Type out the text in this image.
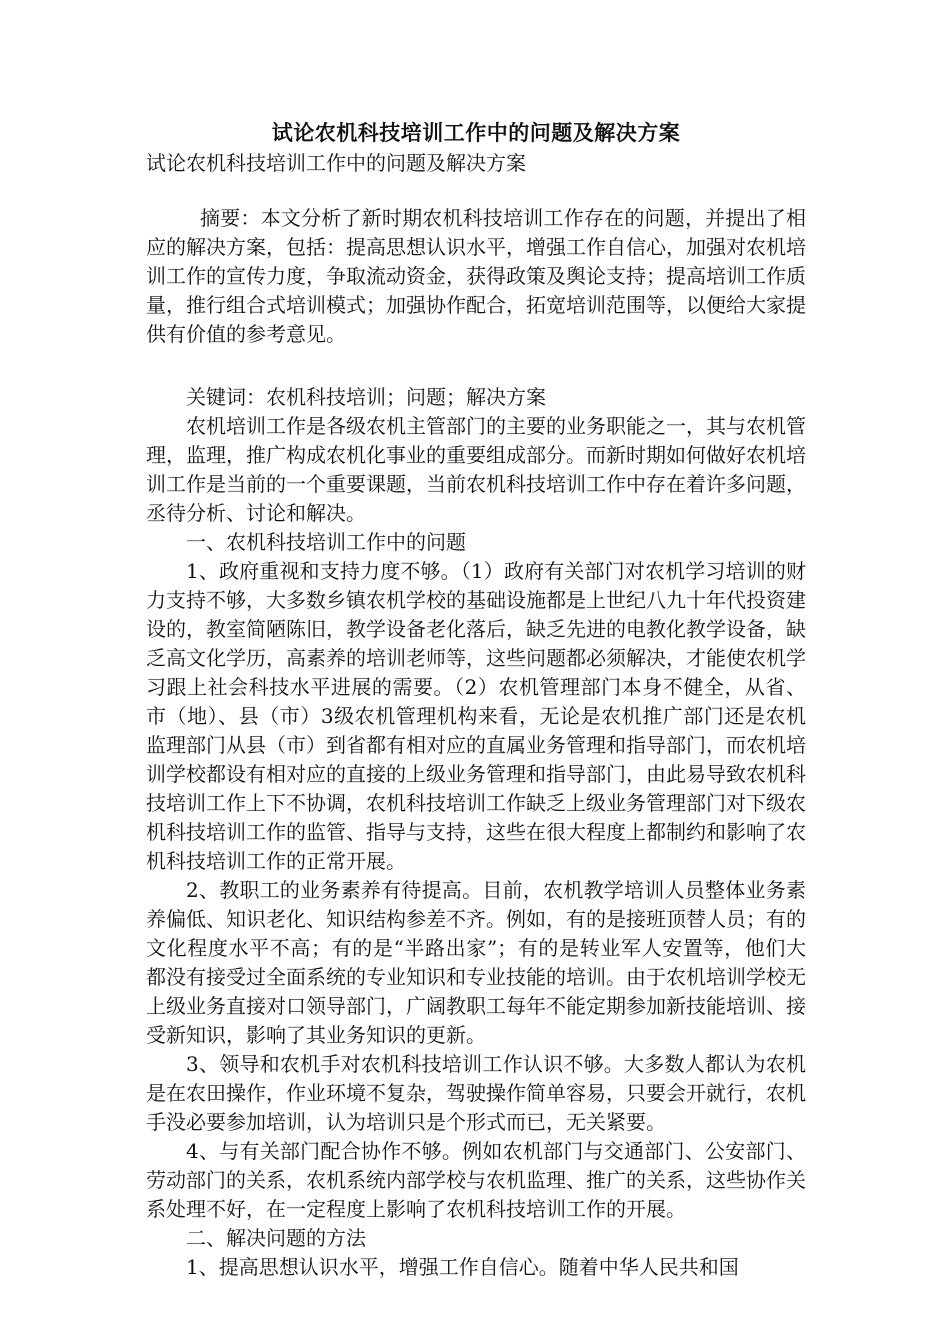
试论农机科技培训工作中的问题及解决方案

试论农机科技培训工作中的问题及解决方案

摘要：本文分析了新时期农机科技培训工作存在的问题，并提出了相应的解决方案，包括：提高思想认识水平，增强工作自信心，加强对农机培训工作的宣传力度，争取流动资金，获得政策及舆论支持；提高培训工作质量，推行组合式培训模式；加强协作配合，拓宽培训范围等，以便给大家提供有价值的参考意见。

关键词：农机科技培训；问题；解决方案

农机培训工作是各级农机主管部门的主要的业务职能之一，其与农机管理，监理，推广构成农机化事业的重要组成部分。而新时期如何做好农机培训工作是当前的一个重要课题，当前农机科技培训工作中存在着许多问题，丞待分析、讨论和解决。

一、农机科技培训工作中的问题

1、政府重视和支持力度不够。（1）政府有关部门对农机学习培训的财力支持不够，大多数乡镇农机学校的基础设施都是上世纪八九十年代投资建设的，教室简陋陈旧，教学设备老化落后，缺乏先进的电教化教学设备，缺乏高文化学历，高素养的培训老师等，这些问题都必须解决，才能使农机学习跟上社会科技水平进展的需要。（2）农机管理部门本身不健全，从省、市（地）、县（市）3级农机管理机构来看，无论是农机推广部门还是农机监理部门从县（市）到省都有相对应的直属业务管理和指导部门，而农机培训学校都设有相对应的直接的上级业务管理和指导部门，由此易导致农机科技培训工作上下不协调，农机科技培训工作缺乏上级业务管理部门对下级农机科技培训工作的监管、指导与支持，这些在很大程度上都制约和影响了农机科技培训工作的正常开展。

2、教职工的业务素养有待提高。目前，农机教学培训人员整体业务素养偏低、知识老化、知识结构参差不齐。例如，有的是接班顶替人员；有的文化程度水平不高；有的是“半路出家”；有的是转业军人安置等，他们大都没有接受过全面系统的专业知识和专业技能的培训。由于农机培训学校无上级业务直接对口领导部门，广阔教职工每年不能定期参加新技能培训、接受新知识，影响了其业务知识的更新。

3、领导和农机手对农机科技培训工作认识不够。大多数人都认为农机是在农田操作，作业环境不复杂，驾驶操作简单容易，只要会开就行，农机手没必要参加培训，认为培训只是个形式而已，无关紧要。

4、与有关部门配合协作不够。例如农机部门与交通部门、公安部门、劳动部门的关系，农机系统内部学校与农机监理、推广的关系，这些协作关系处理不好，在一定程度上影响了农机科技培训工作的开展。

二、解决问题的方法

1、提高思想认识水平，增强工作自信心。随着中华人民共和国
